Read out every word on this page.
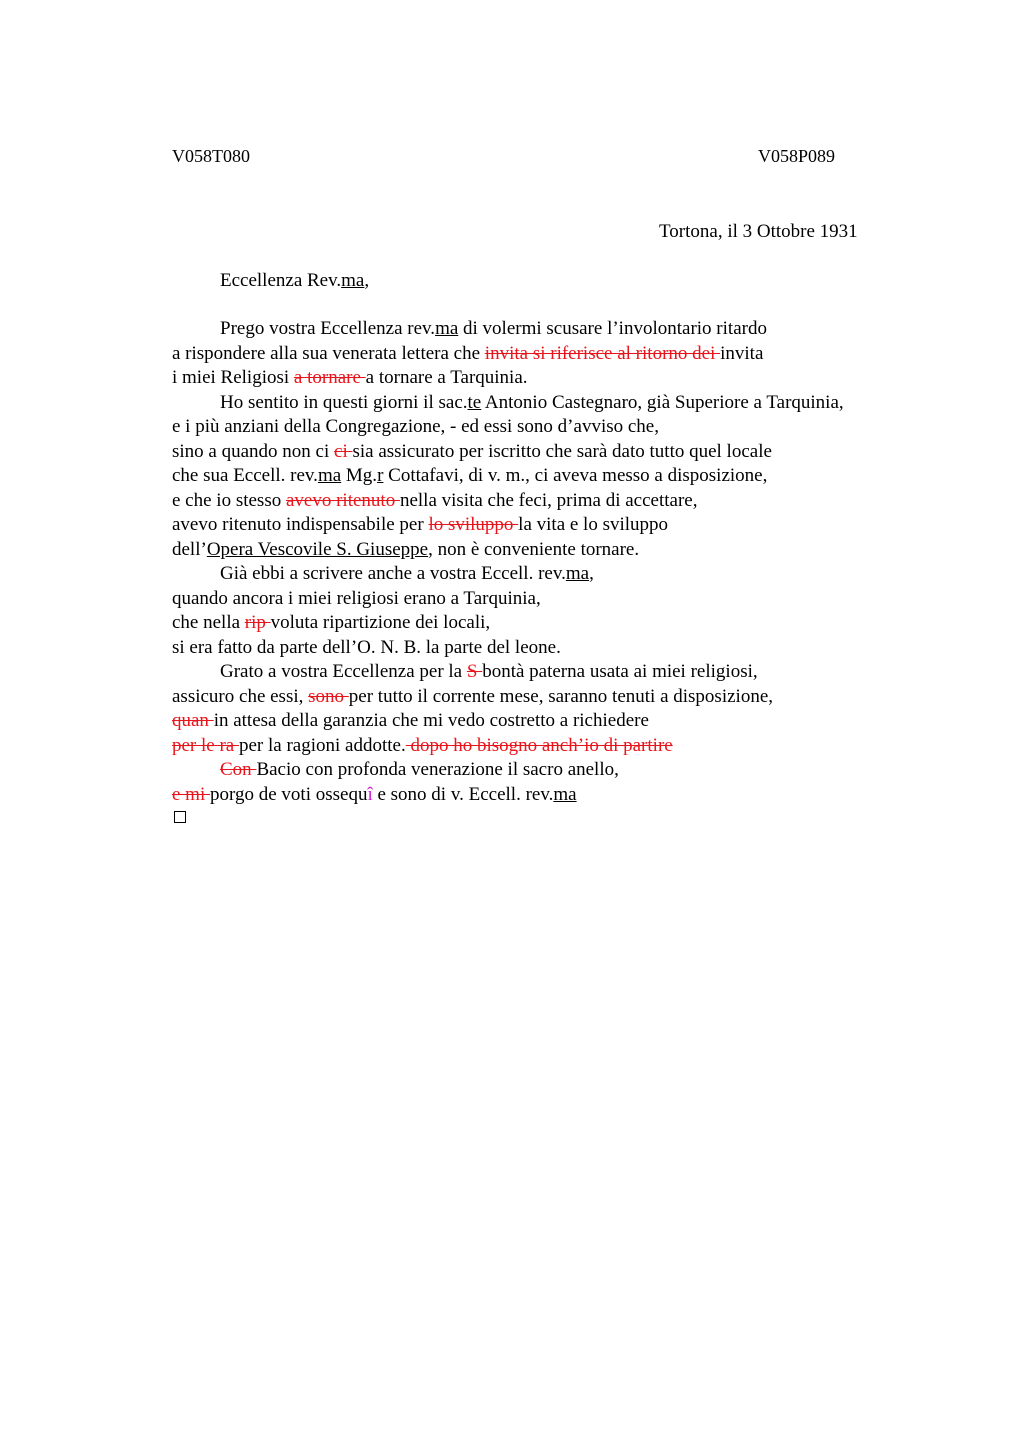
V058T080	V058P089
Tortona, il 3 Ottobre 1931
Eccellenza Rev.ma,
Prego vostra Eccellenza rev.ma di volermi scusare l’involontario ritardo
a rispondere alla sua venerata lettera che invita si riferisce al ritorno dei invita
i miei Religiosi a tornare a tornare a Tarquinia.
Ho sentito in questi giorni il sac.te Antonio Castegnaro, già Superiore a Tarquinia,
e i più anziani della Congregazione, - ed essi sono d’avviso che,
sino a quando non ci ci sia assicurato per iscritto che sarà dato tutto quel locale
che sua Eccell. rev.ma Mg.r Cottafavi, di v. m., ci aveva messo a disposizione,
e che io stesso avevo ritenuto nella visita che feci, prima di accettare,
avevo ritenuto indispensabile per lo sviluppo la vita e lo sviluppo
dell’Opera Vescovile S. Giuseppe, non è conveniente tornare.
Già ebbi a scrivere anche a vostra Eccell. rev.ma,
quando ancora i miei religiosi erano a Tarquinia,
che nella rip voluta ripartizione dei locali,
si era fatto da parte dell’O. N. B. la parte del leone.
Grato a vostra Eccellenza per la S bontà paterna usata ai miei religiosi,
assicuro che essi, sono per tutto il corrente mese, saranno tenuti a disposizione,
quan in attesa della garanzia che mi vedo costretto a richiedere
per le ra per la ragioni addotte. dopo ho bisogno anch’io di partire
Con Bacio con profonda venerazione il sacro anello,
e mi porgo de voti ossequî e sono di v. Eccell. rev.ma
